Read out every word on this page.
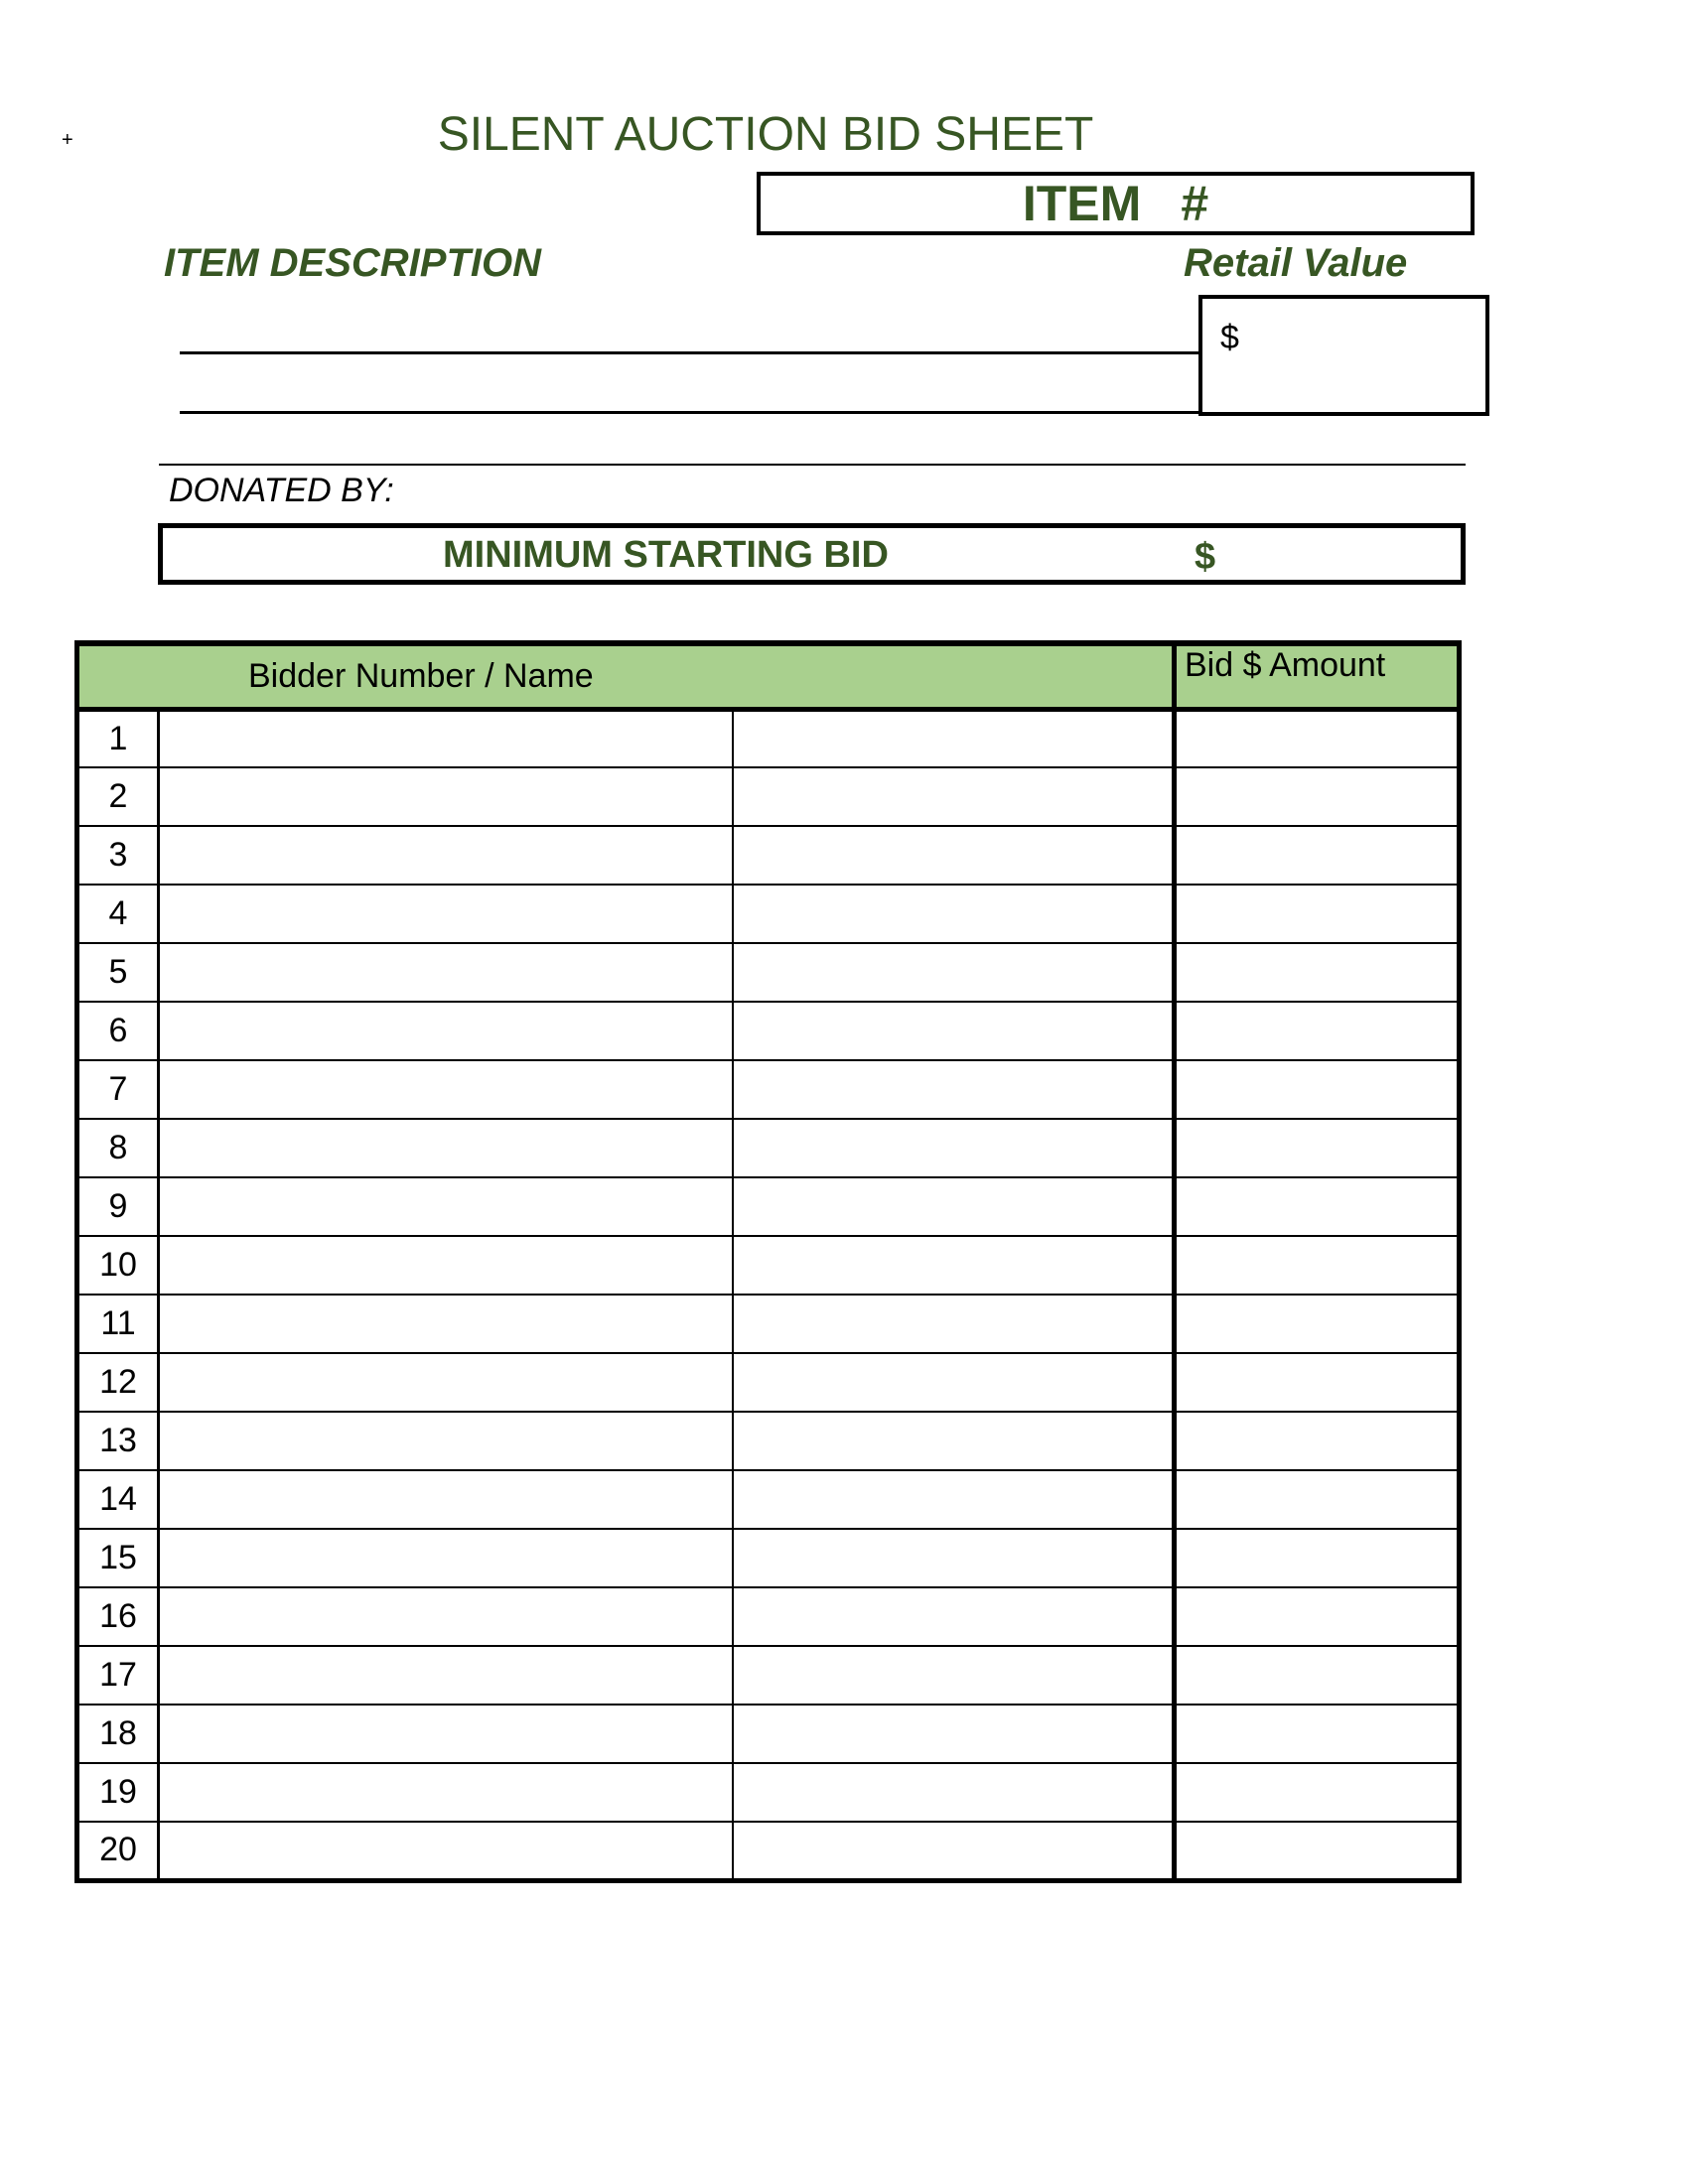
+	SILENT AUCTION BID SHEET
ITEM #
ITEM DESCRIPTION	Retail Value
$
DONATED BY:
MINIMUM STARTING BID	$
Bidder Number / Name			Bid $ Amount
1			
2			
3			
4			
5			
6			
7			
8			
9			
10			
11			
12			
13			
14			
15			
16			
17			
18			
19			
20			
